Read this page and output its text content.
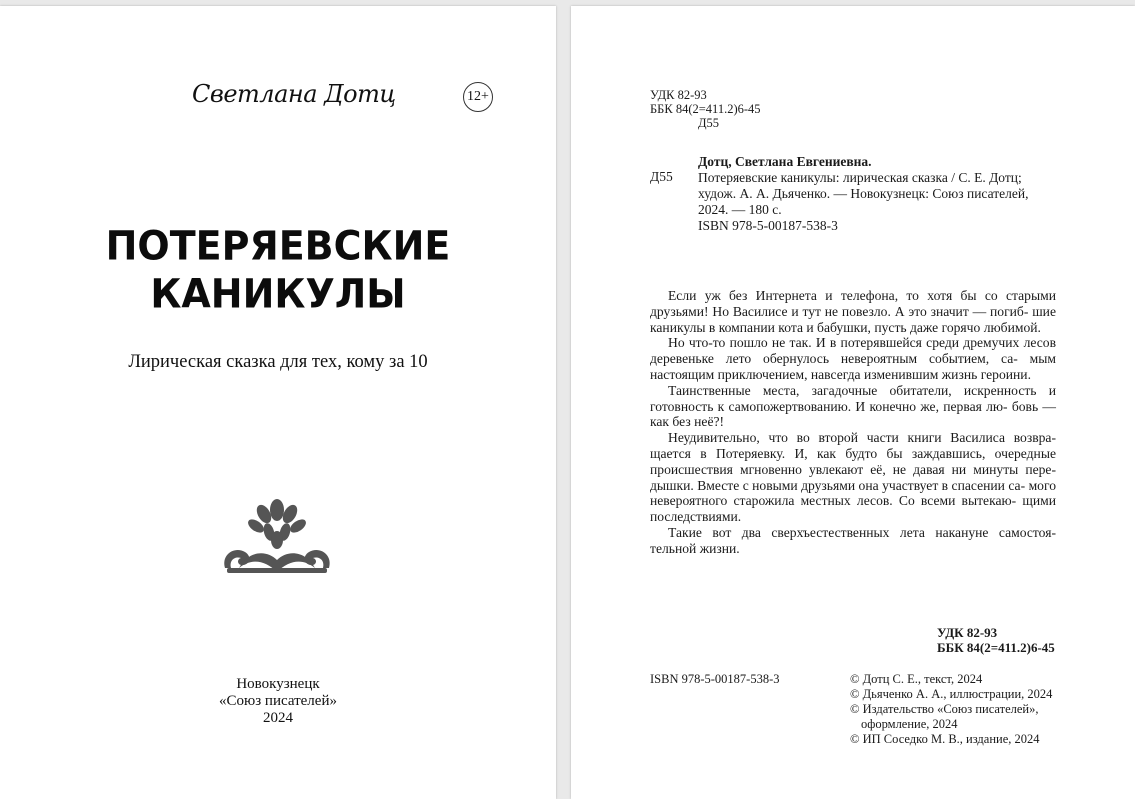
Светлана Дотц	12+
ПОТЕРЯЕВСКИЕ
КАНИКУЛЫ
Лирическая сказка для тех, кому за 10
Новокузнецк
«Союз писателей»
2024
УДК 82-93
ББК 84(2=411.2)6-45
Д55
Дотц, Светлана Евгениевна.
Д55 Потеряевские каникулы: лирическая сказка / С. Е. Дотц;
худож. А. А. Дьяченко. — Новокузнецк: Союз писателей,
2024. — 180 с.
ISBN 978-5-00187-538-3

Если уж без Интернета и телефона, то хотя бы со старыми друзьями! Но Василисе и тут не повезло. А это значит — погиб- шие каникулы в компании кота и бабушки, пусть даже горячо любимой.

Но что-то пошло не так. И в потерявшейся среди дремучих лесов деревеньке лето обернулось невероятным событием, са- мым настоящим приключением, навсегда изменившим жизнь героини.

Таинственные места, загадочные обитатели, искренность и готовность к самопожертвованию. И конечно же, первая лю- бовь — как без неё?!

Неудивительно, что во второй части книги Василиса возвра- щается в Потеряевку. И, как будто бы заждавшись, очередные происшествия мгновенно увлекают её, не давая ни минуты пере- дышки. Вместе с новыми друзьями она участвует в спасении са- мого невероятного старожила местных лесов. Со всеми вытекаю- щими последствиями.

Такие вот два сверхъестественных лета накануне самостоя- тельной жизни.

УДК 82-93
ББК 84(2=411.2)6-45
ISBN 978-5-00187-538-3	© Дотц С. Е., текст, 2024
© Дьяченко А. А., иллюстрации, 2024
© Издательство «Союз писателей»,
оформление, 2024
© ИП Соседко М. В., издание, 2024
